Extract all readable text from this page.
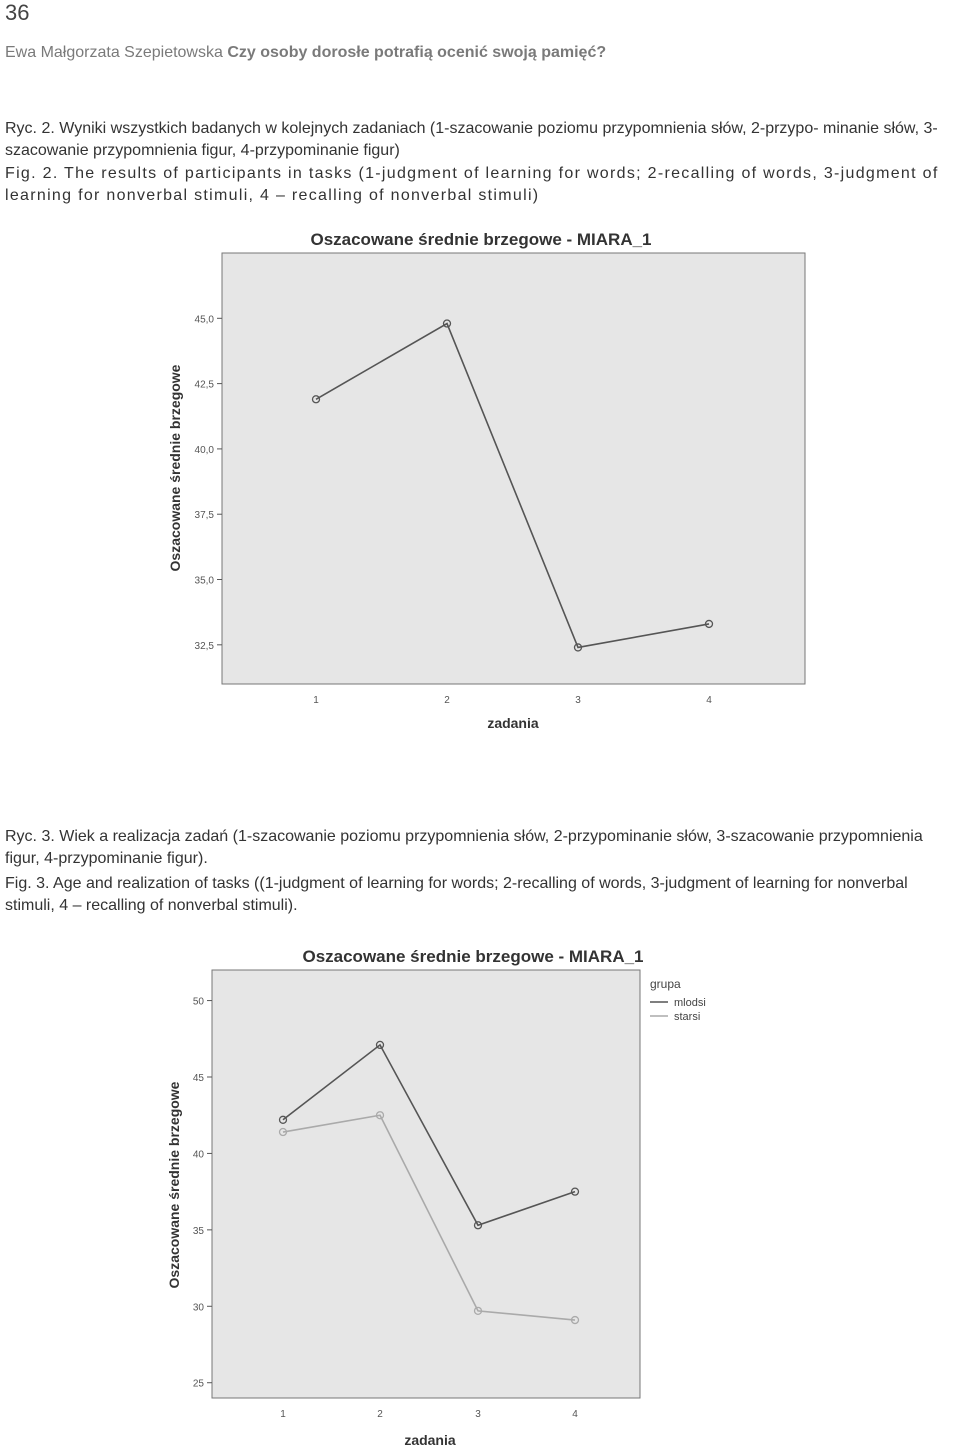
36
Ewa Małgorzata Szepietowska Czy osoby dorosłe potrafią ocenić swoją pamięć?

Ryc. 2. Wyniki wszystkich badanych w kolejnych zadaniach (1-szacowanie poziomu przypomnienia słów, 2-przypo- minanie słów, 3-szacowanie przypomnienia figur, 4-przypominanie figur)

Fig. 2. The results of participants in tasks (1-judgment of learning for words; 2-recalling of words, 3-judgment of learning for nonverbal stimuli, 4 – recalling of nonverbal stimuli)

Oszacowane średnie brzegowe - MIARA_1
32,5
35,0
37,5
40,0
42,5
45,0
1	2	3	4
zadania
Oszacowane średnie brzegowe

Ryc. 3. Wiek a realizacja zadań (1-szacowanie poziomu przypomnienia słów, 2-przypominanie słów, 3-szacowanie przypomnienia figur, 4-przypominanie figur).

Fig. 3. Age and realization of tasks ((1-judgment of learning for words; 2-recalling of words, 3-judgment of learning for nonverbal stimuli, 4 – recalling of nonverbal stimuli).

Oszacowane średnie brzegowe - MIARA_1
25
30
35
40
45
50
1	2	3	4
zadania
Oszacowane średnie brzegowe
grupa
mlodsi
starsi
